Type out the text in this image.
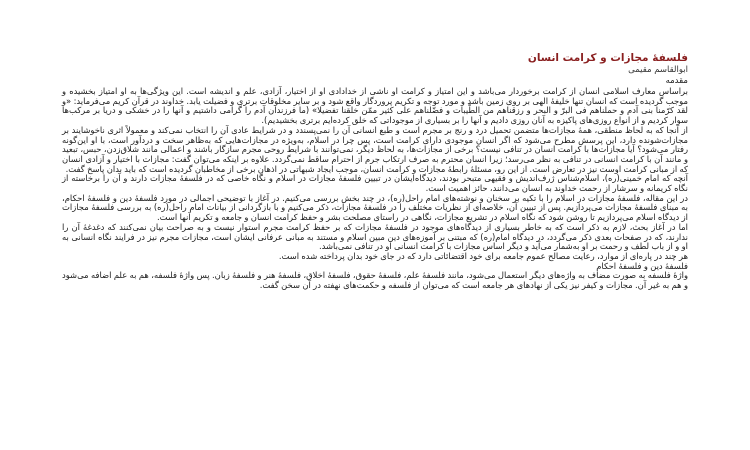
فلسفهٔ مجازات و کرامت انسان
ابوالقاسم مقیمی
مقدمه

براساس معارف اسلامی انسان از کرامت برخوردار می‌باشد و این امتیاز و کرامت او ناشی از خدادادی او از اختیار، آزادی، علم و اندیشه است. این ویژگی‌ها به او امتیاز بخشیده و موجب گردیده است که انسان تنها خلیفهٔ الهی بر روی زمین باشد و مورد توجه و تکریم پروردگار واقع شود و بر سایر مخلوقات برتری و فضیلت یابد. خداوند در قرآن کریم می‌فرماید: «و لقد کرّمنا بنی آدم و حملناهم فی البرّ و البحر و رزقناهم من الطّیبات و فضّلناهم علی کثیر ممّن خلقنا تفضیلا» (ما فرزندان آدم را گرامی داشتیم و آنها را در خشکی و دریا بر مرکب‌ها سوار کردیم و از انواع روزی‌های پاکیزه به آنان روزی دادیم و آنها را بر بسیاری از موجوداتی که خلق کرده‌ایم برتری بخشیدیم).

از آنجا که به لحاظ منطقی، همهٔ مجازات‌ها متضمن تحمیل درد و رنج بر مجرم است و طبع انسانی آن را نمی‌پسندد و در شرایط عادی آن را انتخاب نمی‌کند و معمولاً اثری ناخوشایند بر مجازات‌شونده دارد، این پرسش مطرح می‌شود که اگر انسان موجودی دارای کرامت است، پس چرا در اسلام، به‌ویژه در مجازات‌هایی که به‌ظاهر سخت و دردآور است، با او این‌گونه رفتار می‌شود؟ آیا مجازات‌ها با کرامت انسان در تنافی نیست؟ برخی از مجازات‌ها، به لحاظ دیگر، نمی‌توانند با شرایط روحی مجرم سازگار باشند و اعمالی مانند شلاق‌زدن، حبس، تبعید و مانند آن با کرامت انسانی در تنافی به نظر می‌رسد؛ زیرا انسان محترم به صرف ارتکاب جرم از احترام ساقط نمی‌گردد. علاوه بر اینکه می‌توان گفت: مجازات با اختیار و آزادی انسان که از مبانی کرامت اوست نیز در تعارض است. از این رو، مسئلهٔ رابطهٔ مجازات و کرامت انسان، موجب ایجاد شبهاتی در اذهان برخی از مخاطبان گردیده است که باید بدان پاسخ گفت.

آنچه که امام خمینی(ره)، اسلام‌شناس ژرف‌اندیش و فقیهی متبحر بودند، دیدگاه‌ایشان در تبیین فلسفهٔ مجازات در اسلام و نگاه خاصی که در فلسفهٔ مجازات دارند و آن را برخاسته از نگاه کریمانه و سرشار از رحمت خداوند به انسان می‌دانند، حائز اهمیت است.

در این مقاله، فلسفهٔ مجازات در اسلام را با تکیه بر سخنان و نوشته‌های امام راحل(ره)، در چند بخش بررسی می‌کنیم. در آغاز با توضیحی اجمالی در مورد فلسفهٔ دین و فلسفهٔ احکام، به مبنای فلسفهٔ مجازات می‌پردازیم. پس از تبیین آن، خلاصه‌ای از نظریات مختلف را در فلسفهٔ مجازات، ذکر می‌کنیم و با بازگردانی از بیانات امام راحل(ره) به بررسی فلسفهٔ مجازات از دیدگاه اسلام می‌پردازیم تا روشن شود که نگاه اسلام در تشریع مجازات، نگاهی در راستای مصلحت بشر و حفظ کرامت انسان و جامعه و تکریم آنها است.

اما در آغاز بحث، لازم به ذکر است که به خاطر بسیاری از دیدگاه‌های موجود در فلسفهٔ مجازات که بر حفظ کرامت مجرم استوار نیست و به صراحت بیان نمی‌کنند که دغدغهٔ آن را ندارند، که در صفحات بعدی ذکر می‌گردد، در دیدگاه امام(ره) که مبتنی بر آموزه‌های دین مبین اسلام و مستند به مبانی عرفانی ایشان است، مجازات مجرم نیز در فرایند نگاه انسانی به او و از باب لطف و رحمت بر او به‌شمار می‌آید و دیگر اساس مجازات با کرامت انسانی او در تنافی نمی‌باشد.

هر چند در پاره‌ای از موارد، رعایت مصالح عموم جامعه برای خود اقتضائاتی دارد که در جای خود بدان پرداخته شده است.

فلسفهٔ دین و فلسفهٔ احکام

واژهٔ فلسفه به صورت مضاف به واژه‌های دیگر استعمال می‌شود، مانند فلسفهٔ علم، فلسفهٔ حقوق، فلسفهٔ اخلاق، فلسفهٔ هنر و فلسفهٔ زبان. پس واژهٔ فلسفه، هم به علم اضافه می‌شود و هم به غیر آن. مجازات و کیفر نیز یکی از نهادهای هر جامعه است که می‌توان از فلسفه و حکمت‌های نهفته در آن سخن گفت.
